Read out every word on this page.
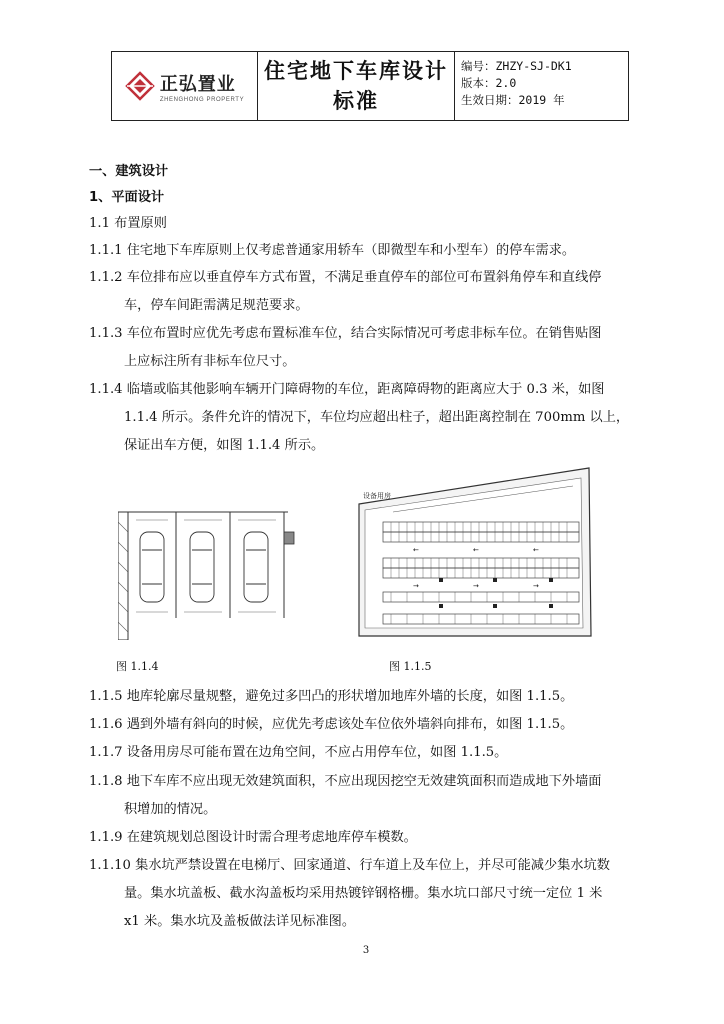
正弘置业
ZHENGHONG PROPERTY
住宅地下车库设计
标准
编号：ZHZY-SJ-DK1
版本：2.0
生效日期：2019 年
一、建筑设计
1、平面设计
1.1 布置原则
1.1.1 住宅地下车库原则上仅考虑普通家用轿车（即微型车和小型车）的停车需求。
1.1.2 车位排布应以垂直停车方式布置，不满足垂直停车的部位可布置斜角停车和直线停
车，停车间距需满足规范要求。
1.1.3 车位布置时应优先考虑布置标准车位，结合实际情况可考虑非标车位。在销售贴图
上应标注所有非标车位尺寸。
1.1.4 临墙或临其他影响车辆开门障碍物的车位，距离障碍物的距离应大于 0.3 米，如图
1.1.4 所示。条件允许的情况下，车位均应超出柱子，超出距离控制在 700mm 以上，
保证出车方便，如图 1.1.4 所示。
图 1.1.4
设备用房
←	←	←
→	→	→
图 1.1.5
1.1.5 地库轮廓尽量规整，避免过多凹凸的形状增加地库外墙的长度，如图 1.1.5。
1.1.6 遇到外墙有斜向的时候，应优先考虑该处车位依外墙斜向排布，如图 1.1.5。
1.1.7 设备用房尽可能布置在边角空间，不应占用停车位，如图 1.1.5。
1.1.8 地下车库不应出现无效建筑面积，不应出现因挖空无效建筑面积而造成地下外墙面
积增加的情况。
1.1.9 在建筑规划总图设计时需合理考虑地库停车模数。
1.1.10 集水坑严禁设置在电梯厅、回家通道、行车道上及车位上，并尽可能减少集水坑数
量。集水坑盖板、截水沟盖板均采用热镀锌钢格栅。集水坑口部尺寸统一定位 1 米
x1 米。集水坑及盖板做法详见标准图。
3
